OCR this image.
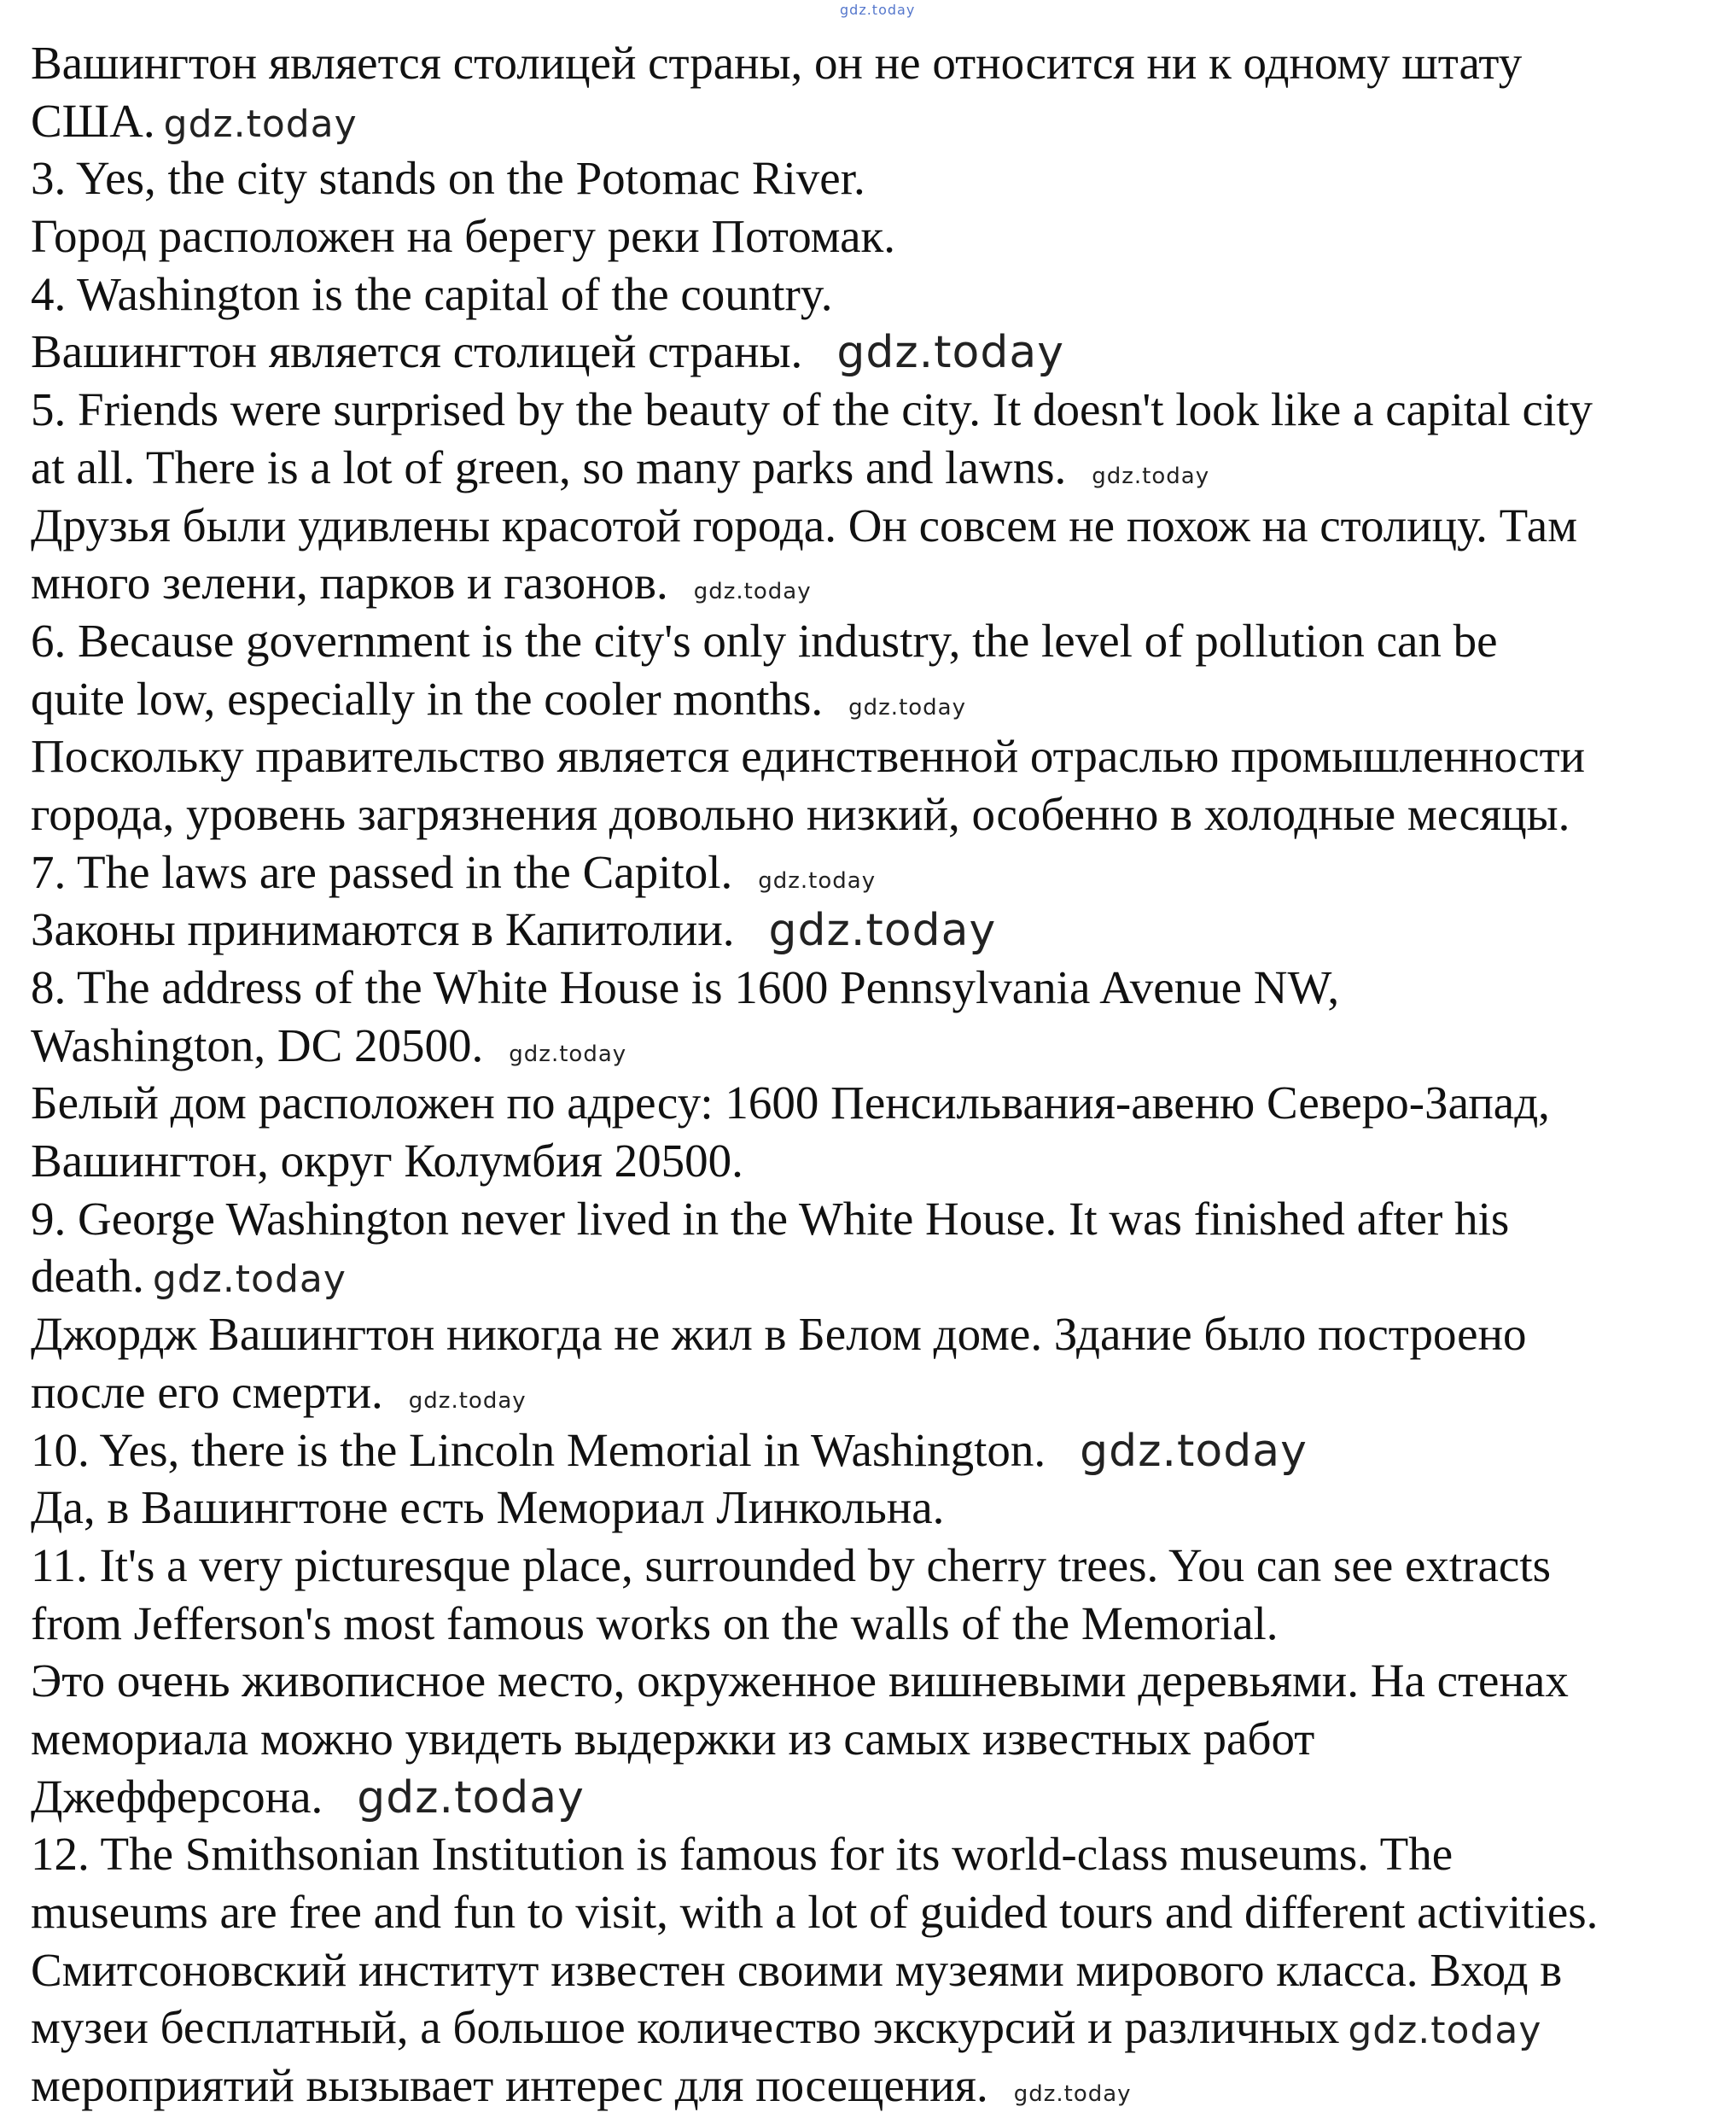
gdz.today
Вашингтон является столицей страны, он не относится ни к одному штату
США. gdz.today
3. Yes, the city stands on the Potomac River.
Город расположен на берегу реки Потомак.
4. Washington is the capital of the country.
Вашингтон является столицей страны. gdz.today
5. Friends were surprised by the beauty of the city. It doesn't look like a capital city
at all. There is a lot of green, so many parks and lawns. gdz.today
Друзья были удивлены красотой города. Он совсем не похож на столицу. Там
много зелени, парков и газонов. gdz.today
6. Because government is the city's only industry, the level of pollution can be
quite low, especially in the cooler months. gdz.today
Поскольку правительство является единственной отраслью промышленности
города, уровень загрязнения довольно низкий, особенно в холодные месяцы.
7. The laws are passed in the Capitol. gdz.today
Законы принимаются в Капитолии. gdz.today
8. The address of the White House is 1600 Pennsylvania Avenue NW,
Washington, DC 20500. gdz.today
Белый дом расположен по адресу: 1600 Пенсильвания-авеню Северо-Запад,
Вашингтон, округ Колумбия 20500.
9. George Washington never lived in the White House. It was finished after his
death. gdz.today
Джордж Вашингтон никогда не жил в Белом доме. Здание было построено
после его смерти. gdz.today
10. Yes, there is the Lincoln Memorial in Washington. gdz.today
Да, в Вашингтоне есть Мемориал Линкольна.
11. It's a very picturesque place, surrounded by cherry trees. You can see extracts
from Jefferson's most famous works on the walls of the Memorial.
Это очень живописное место, окруженное вишневыми деревьями. На стенах
мемориала можно увидеть выдержки из самых известных работ
Джефферсона. gdz.today
12. The Smithsonian Institution is famous for its world-class museums. The
museums are free and fun to visit, with a lot of guided tours and different activities.
Смитсоновский институт известен своими музеями мирового класса. Вход в
музеи бесплатный, а большое количество экскурсий и различных gdz.today
мероприятий вызывает интерес для посещения. gdz.today
